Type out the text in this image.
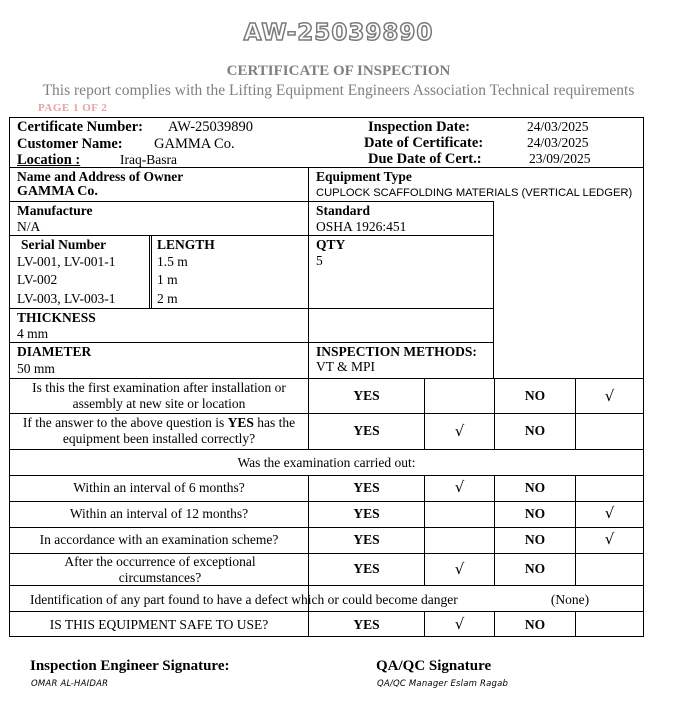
AW-25039890
CERTIFICATE OF INSPECTION
This report complies with the Lifting Equipment Engineers Association Technical requirements
PAGE 1 OF 2
Certificate Number: AW-25039890
Customer Name: GAMMA Co.
Location :	Iraq-Basra
Inspection Date:	24/03/2025
Date of Certificate:	24/03/2025
Due Date of Cert.:	23/09/2025
Name and Address of Owner
GAMMA Co.
Equipment Type
CUPLOCK SCAFFOLDING MATERIALS (VERTICAL LEDGER)
Manufacture
N/A
Standard
OSHA 1926:451
Serial Number
LV-001, LV-001-1
LV-002
LV-003, LV-003-1
LENGTH
1.5 m
1 m
2 m
QTY
5
THICKNESS
4 mm
DIAMETER
50 mm
INSPECTION METHODS:
VT & MPI
Is this the first examination after installation or assembly at new site or location
YES	NO	√
If the answer to the above question is YES has the equipment been installed correctly?
YES	√	NO
Was the examination carried out:
Within an interval of 6 months?	YES	√	NO
Within an interval of 12 months?	YES	NO	√
In accordance with an examination scheme?	YES	NO	√
After the occurrence of exceptional circumstances?
YES	√	NO
Identification of any part found to have a defect which or could become danger	(None)
IS THIS EQUIPMENT SAFE TO USE?	YES	√	NO
Inspection Engineer Signature:
OMAR AL-HAIDAR
QA/QC Signature
QA/QC Manager Eslam Ragab
